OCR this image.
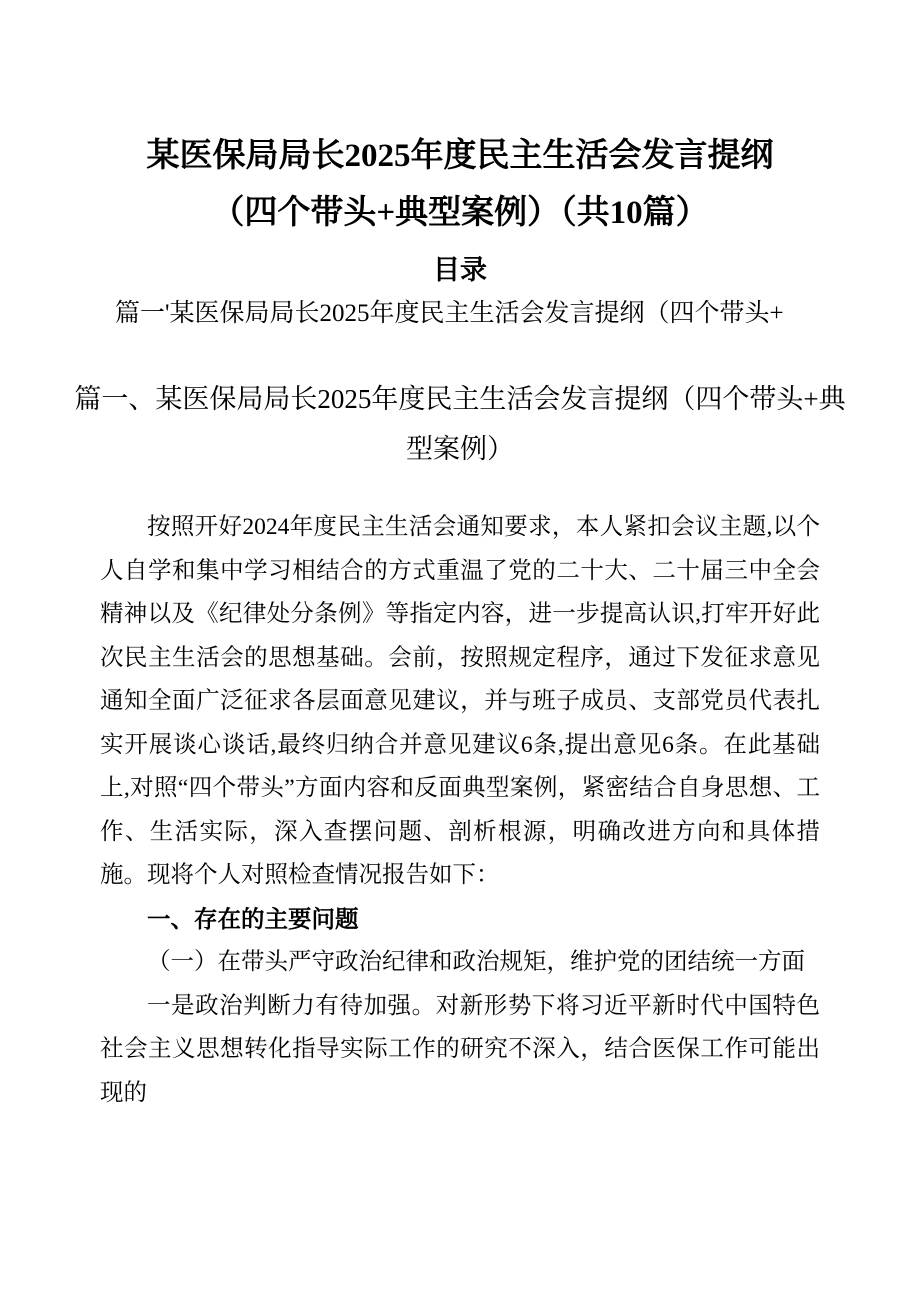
某医保局局长2025年度民主生活会发言提纲
（四个带头+典型案例）（共10篇）
目录
篇一'某医保局局长2025年度民主生活会发言提纲（四个带头+
篇一、某医保局局长2025年度民主生活会发言提纲（四个带头+典
型案例）

按照开好2024年度民主生活会通知要求，本人紧扣会议主题,以个人自学和集中学习相结合的方式重温了党的二十大、二十届三中全会精神以及《纪律处分条例》等指定内容，进一步提高认识,打牢开好此次民主生活会的思想基础。会前，按照规定程序，通过下发征求意见通知全面广泛征求各层面意见建议，并与班子成员、支部党员代表扎实开展谈心谈话,最终归纳合并意见建议6条,提出意见6条。在此基础上,对照“四个带头”方面内容和反面典型案例，紧密结合自身思想、工作、生活实际，深入查摆问题、剖析根源，明确改进方向和具体措施。现将个人对照检查情况报告如下：

一、存在的主要问题

（一）在带头严守政治纪律和政治规矩，维护党的团结统一方面

一是政治判断力有待加强。对新形势下将习近平新时代中国特色社会主义思想转化指导实际工作的研究不深入，结合医保工作可能出现的
